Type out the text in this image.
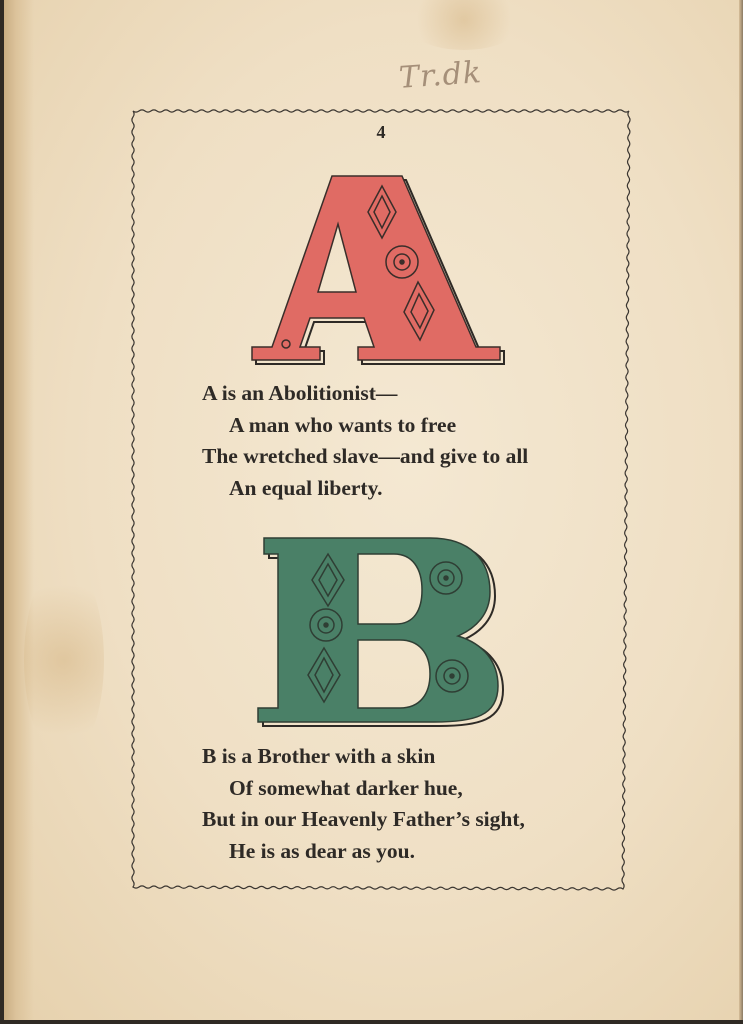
Tr.dk
4
A is an Abolitionist—
A man who wants to free
The wretched slave—and give to all
An equal liberty.
B is a Brother with a skin
Of somewhat darker hue,
But in our Heavenly Father’s sight,
He is as dear as you.
